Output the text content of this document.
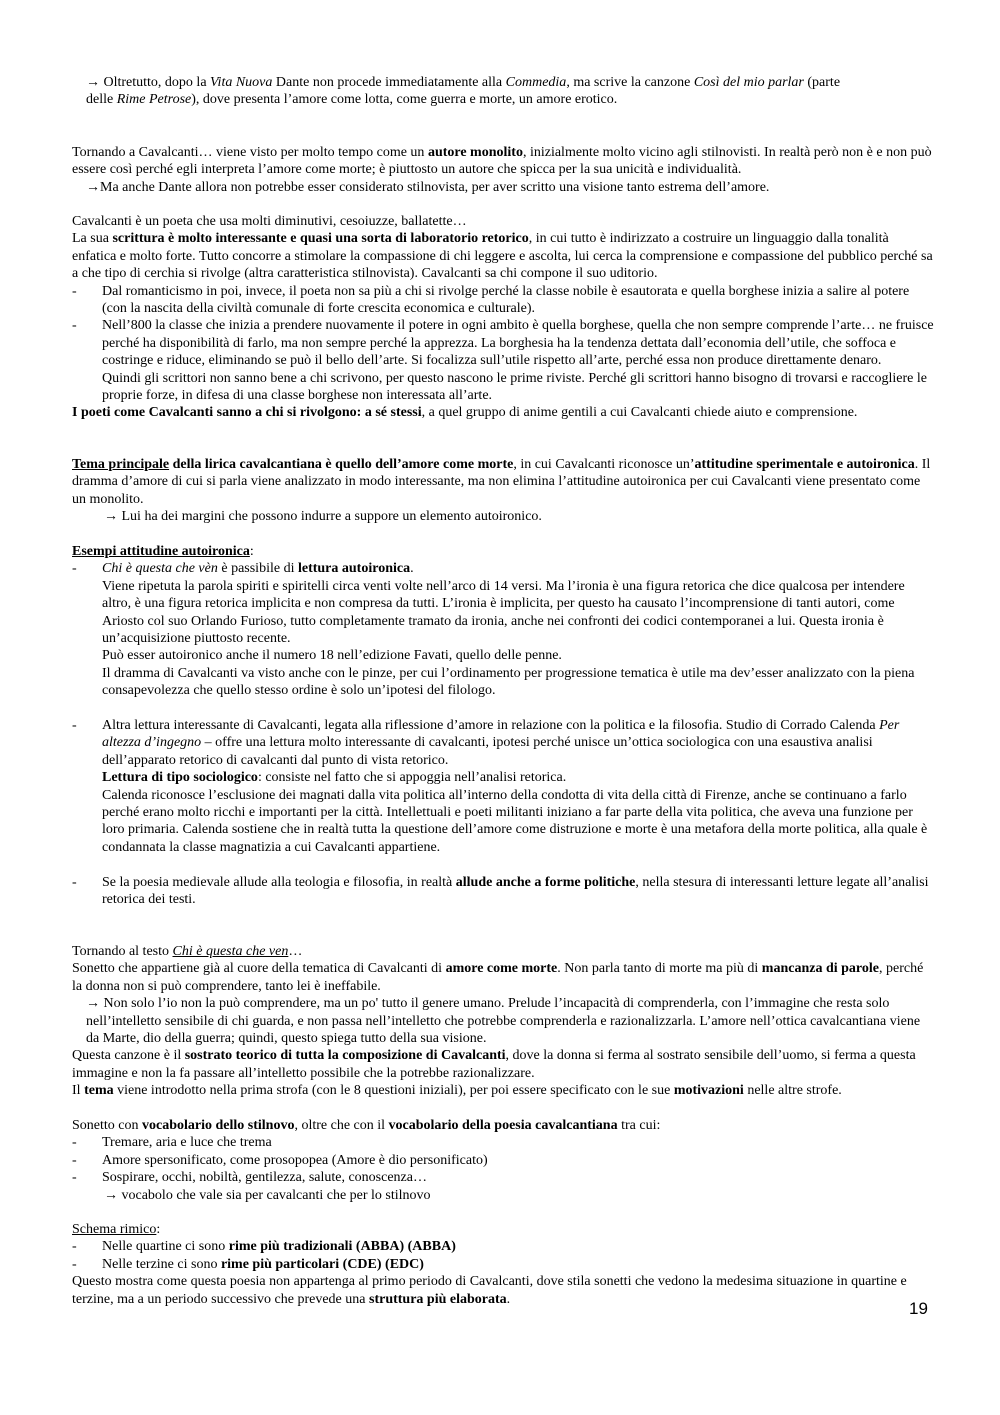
→ Oltretutto, dopo la Vita Nuova Dante non procede immediatamente alla Commedia, ma scrive la canzone Così del mio parlar (parte

delle Rime Petrose), dove presenta l’amore come lotta, come guerra e morte, un amore erotico.

Tornando a Cavalcanti… viene visto per molto tempo come un autore monolito, inizialmente molto vicino agli stilnovisti. In realtà però non è e non può essere così perché egli interpreta l’amore come morte; è piuttosto un autore che spicca per la sua unicità e individualità.

→Ma anche Dante allora non potrebbe esser considerato stilnovista, per aver scritto una visione tanto estrema dell’amore.

Cavalcanti è un poeta che usa molti diminutivi, cesoiuzze, ballatette…

La sua scrittura è molto interessante e quasi una sorta di laboratorio retorico, in cui tutto è indirizzato a costruire un linguaggio dalla tonalità enfatica e molto forte. Tutto concorre a stimolare la compassione di chi leggere e ascolta, lui cerca la comprensione e compassione del pubblico perché sa a che tipo di cerchia si rivolge (altra caratteristica stilnovista). Cavalcanti sa chi compone il suo uditorio.

- Dal romanticismo in poi, invece, il poeta non sa più a chi si rivolge perché la classe nobile è esautorata e quella borghese inizia a salire al potere (con la nascita della civiltà comunale di forte crescita economica e culturale).
- Nell’800 la classe che inizia a prendere nuovamente il potere in ogni ambito è quella borghese, quella che non sempre comprende l’arte… ne fruisce perché ha disponibilità di farlo, ma non sempre perché la apprezza. La borghesia ha la tendenza dettata dall’economia dell’utile, che soffoca e costringe e riduce, eliminando se può il bello dell’arte. Si focalizza sull’utile rispetto all’arte, perché essa non produce direttamente denaro.
Quindi gli scrittori non sanno bene a chi scrivono, per questo nascono le prime riviste. Perché gli scrittori hanno bisogno di trovarsi e raccogliere le proprie forze, in difesa di una classe borghese non interessata all’arte.

I poeti come Cavalcanti sanno a chi si rivolgono: a sé stessi, a quel gruppo di anime gentili a cui Cavalcanti chiede aiuto e comprensione.

Tema principale della lirica cavalcantiana è quello dell’amore come morte, in cui Cavalcanti riconosce un’attitudine sperimentale e autoironica. Il dramma d’amore di cui si parla viene analizzato in modo interessante, ma non elimina l’attitudine autoironica per cui Cavalcanti viene presentato come un monolito.

→ Lui ha dei margini che possono indurre a suppore un elemento autoironico.

Esempi attitudine autoironica:

- Chi è questa che vèn è passibile di lettura autoironica.
Viene ripetuta la parola spiriti e spiritelli circa venti volte nell’arco di 14 versi. Ma l’ironia è una figura retorica che dice qualcosa per intendere altro, è una figura retorica implicita e non compresa da tutti. L’ironia è implicita, per questo ha causato l’incomprensione di tanti autori, come Ariosto col suo Orlando Furioso, tutto completamente tramato da ironia, anche nei confronti dei codici contemporanei a lui. Questa ironia è un’acquisizione piuttosto recente.
Può esser autoironico anche il numero 18 nell’edizione Favati, quello delle penne.
Il dramma di Cavalcanti va visto anche con le pinze, per cui l’ordinamento per progressione tematica è utile ma dev’esser analizzato con la piena consapevolezza che quello stesso ordine è solo un’ipotesi del filologo.
- Altra lettura interessante di Cavalcanti, legata alla riflessione d’amore in relazione con la politica e la filosofia. Studio di Corrado Calenda Per altezza d’ingegno – offre una lettura molto interessante di cavalcanti, ipotesi perché unisce un’ottica sociologica con una esaustiva analisi dell’apparato retorico di cavalcanti dal punto di vista retorico.
Lettura di tipo sociologico: consiste nel fatto che si appoggia nell’analisi retorica.
Calenda riconosce l’esclusione dei magnati dalla vita politica all’interno della condotta di vita della città di Firenze, anche se continuano a farlo perché erano molto ricchi e importanti per la città. Intellettuali e poeti militanti iniziano a far parte della vita politica, che aveva una funzione per loro primaria. Calenda sostiene che in realtà tutta la questione dell’amore come distruzione e morte è una metafora della morte politica, alla quale è condannata la classe magnatizia a cui Cavalcanti appartiene.
- Se la poesia medievale allude alla teologia e filosofia, in realtà allude anche a forme politiche, nella stesura di interessanti letture legate all’analisi retorica dei testi.

Tornando al testo Chi è questa che ven…

Sonetto che appartiene già al cuore della tematica di Cavalcanti di amore come morte. Non parla tanto di morte ma più di mancanza di parole, perché la donna non si può comprendere, tanto lei è ineffabile.

→ Non solo l’io non la può comprendere, ma un po' tutto il genere umano. Prelude l’incapacità di comprenderla, con l’immagine che resta solo nell’intelletto sensibile di chi guarda, e non passa nell’intelletto che potrebbe comprenderla e razionalizzarla. L’amore nell’ottica cavalcantiana viene da Marte, dio della guerra; quindi, questo spiega tutto della sua visione.

Questa canzone è il sostrato teorico di tutta la composizione di Cavalcanti, dove la donna si ferma al sostrato sensibile dell’uomo, si ferma a questa immagine e non la fa passare all’intelletto possibile che la potrebbe razionalizzare.

Il tema viene introdotto nella prima strofa (con le 8 questioni iniziali), per poi essere specificato con le sue motivazioni nelle altre strofe.

Sonetto con vocabolario dello stilnovo, oltre che con il vocabolario della poesia cavalcantiana tra cui:

- Tremare, aria e luce che trema
- Amore spersonificato, come prosopopea (Amore è dio personificato)
- Sospirare, occhi, nobiltà, gentilezza, salute, conoscenza…

→ vocabolo che vale sia per cavalcanti che per lo stilnovo

Schema rimico:

- Nelle quartine ci sono rime più tradizionali (ABBA) (ABBA)
- Nelle terzine ci sono rime più particolari (CDE) (EDC)

Questo mostra come questa poesia non appartenga al primo periodo di Cavalcanti, dove stila sonetti che vedono la medesima situazione in quartine e terzine, ma a un periodo successivo che prevede una struttura più elaborata.	19
